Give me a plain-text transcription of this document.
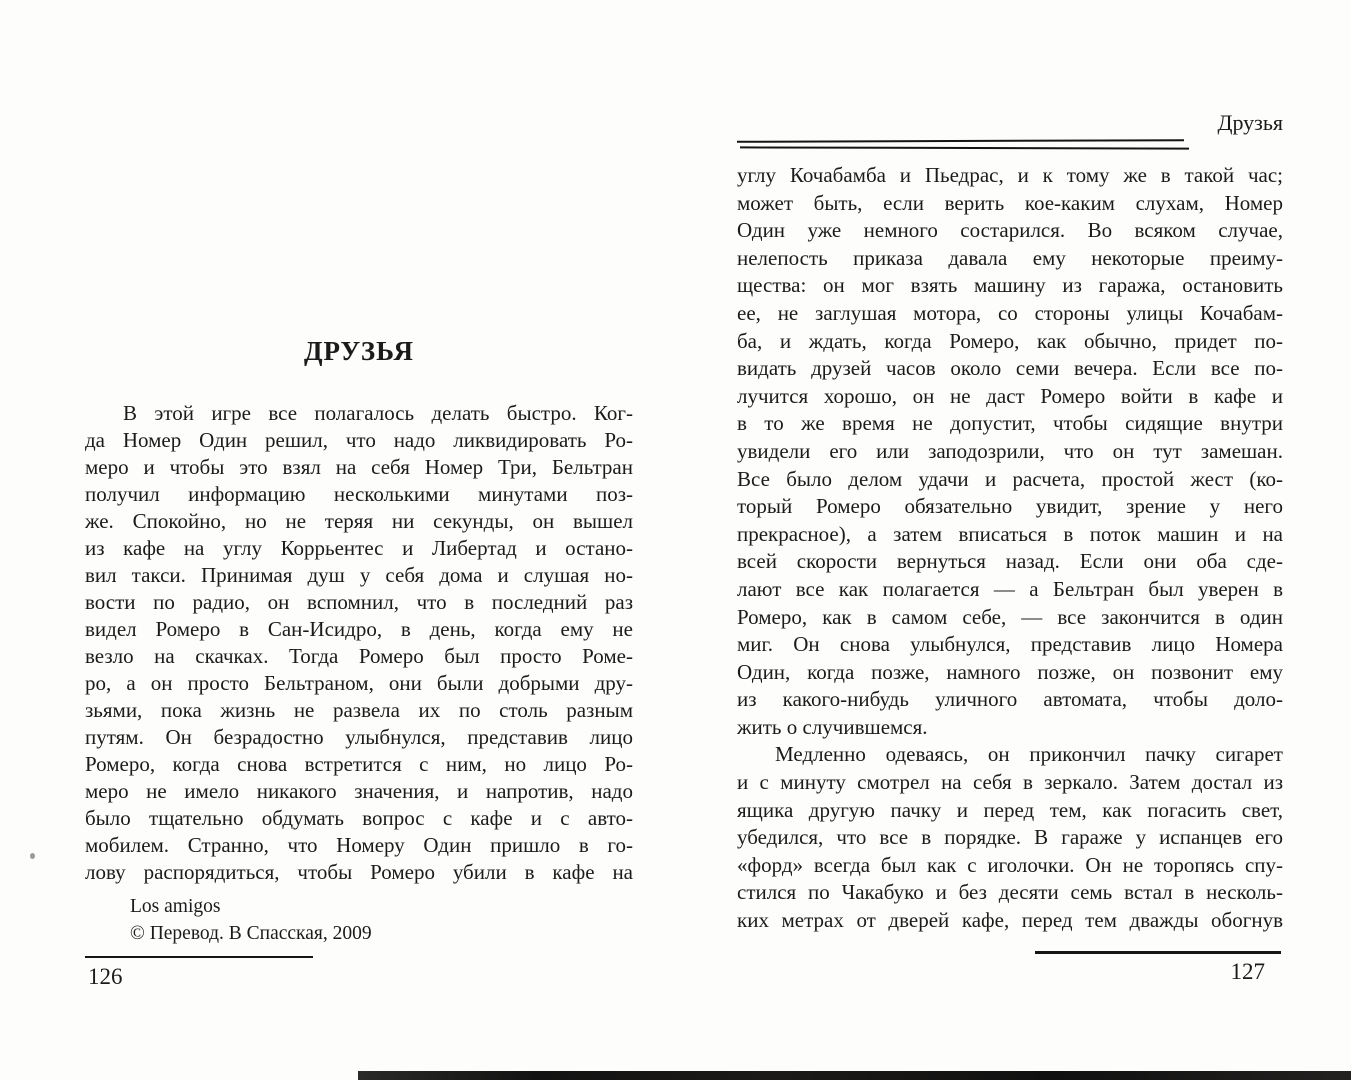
ДРУЗЬЯ
В этой игре все полагалось делать быстро. Ког-
да Номер Один решил, что надо ликвидировать Ро-
меро и чтобы это взял на себя Номер Три, Бельтран
получил информацию несколькими минутами поз-
же. Спокойно, но не теряя ни секунды, он вышел
из кафе на углу Коррьентес и Либертад и остано-
вил такси. Принимая душ у себя дома и слушая но-
вости по радио, он вспомнил, что в последний раз
видел Ромеро в Сан-Исидро, в день, когда ему не
везло на скачках. Тогда Ромеро был просто Роме-
ро, а он просто Бельтраном, они были добрыми дру-
зьями, пока жизнь не развела их по столь разным
путям. Он безрадостно улыбнулся, представив лицо
Ромеро, когда снова встретится с ним, но лицо Ро-
меро не имело никакого значения, и напротив, надо
было тщательно обдумать вопрос с кафе и с авто-
мобилем. Странно, что Номеру Один пришло в го-
лову распорядиться, чтобы Ромеро убили в кафе на
Los amigos
© Перевод. В Спасская, 2009
126
Друзья
углу Кочабамба и Пьедрас, и к тому же в такой час;
может быть, если верить кое-каким слухам, Номер
Один уже немного состарился. Во всяком случае,
нелепость приказа давала ему некоторые преиму-
щества: он мог взять машину из гаража, остановить
ее, не заглушая мотора, со стороны улицы Кочабам-
ба, и ждать, когда Ромеро, как обычно, придет по-
видать друзей часов около семи вечера. Если все по-
лучится хорошо, он не даст Ромеро войти в кафе и
в то же время не допустит, чтобы сидящие внутри
увидели его или заподозрили, что он тут замешан.
Все было делом удачи и расчета, простой жест (ко-
торый Ромеро обязательно увидит, зрение у него
прекрасное), а затем вписаться в поток машин и на
всей скорости вернуться назад. Если они оба сде-
лают все как полагается — а Бельтран был уверен в
Ромеро, как в самом себе, — все закончится в один
миг. Он снова улыбнулся, представив лицо Номера
Один, когда позже, намного позже, он позвонит ему
из какого-нибудь уличного автомата, чтобы доло-
жить о случившемся.
Медленно одеваясь, он прикончил пачку сигарет
и с минуту смотрел на себя в зеркало. Затем достал из
ящика другую пачку и перед тем, как погасить свет,
убедился, что все в порядке. В гараже у испанцев его
«форд» всегда был как с иголочки. Он не торопясь спу-
стился по Чакабуко и без десяти семь встал в несколь-
ких метрах от дверей кафе, перед тем дважды обогнув
127
